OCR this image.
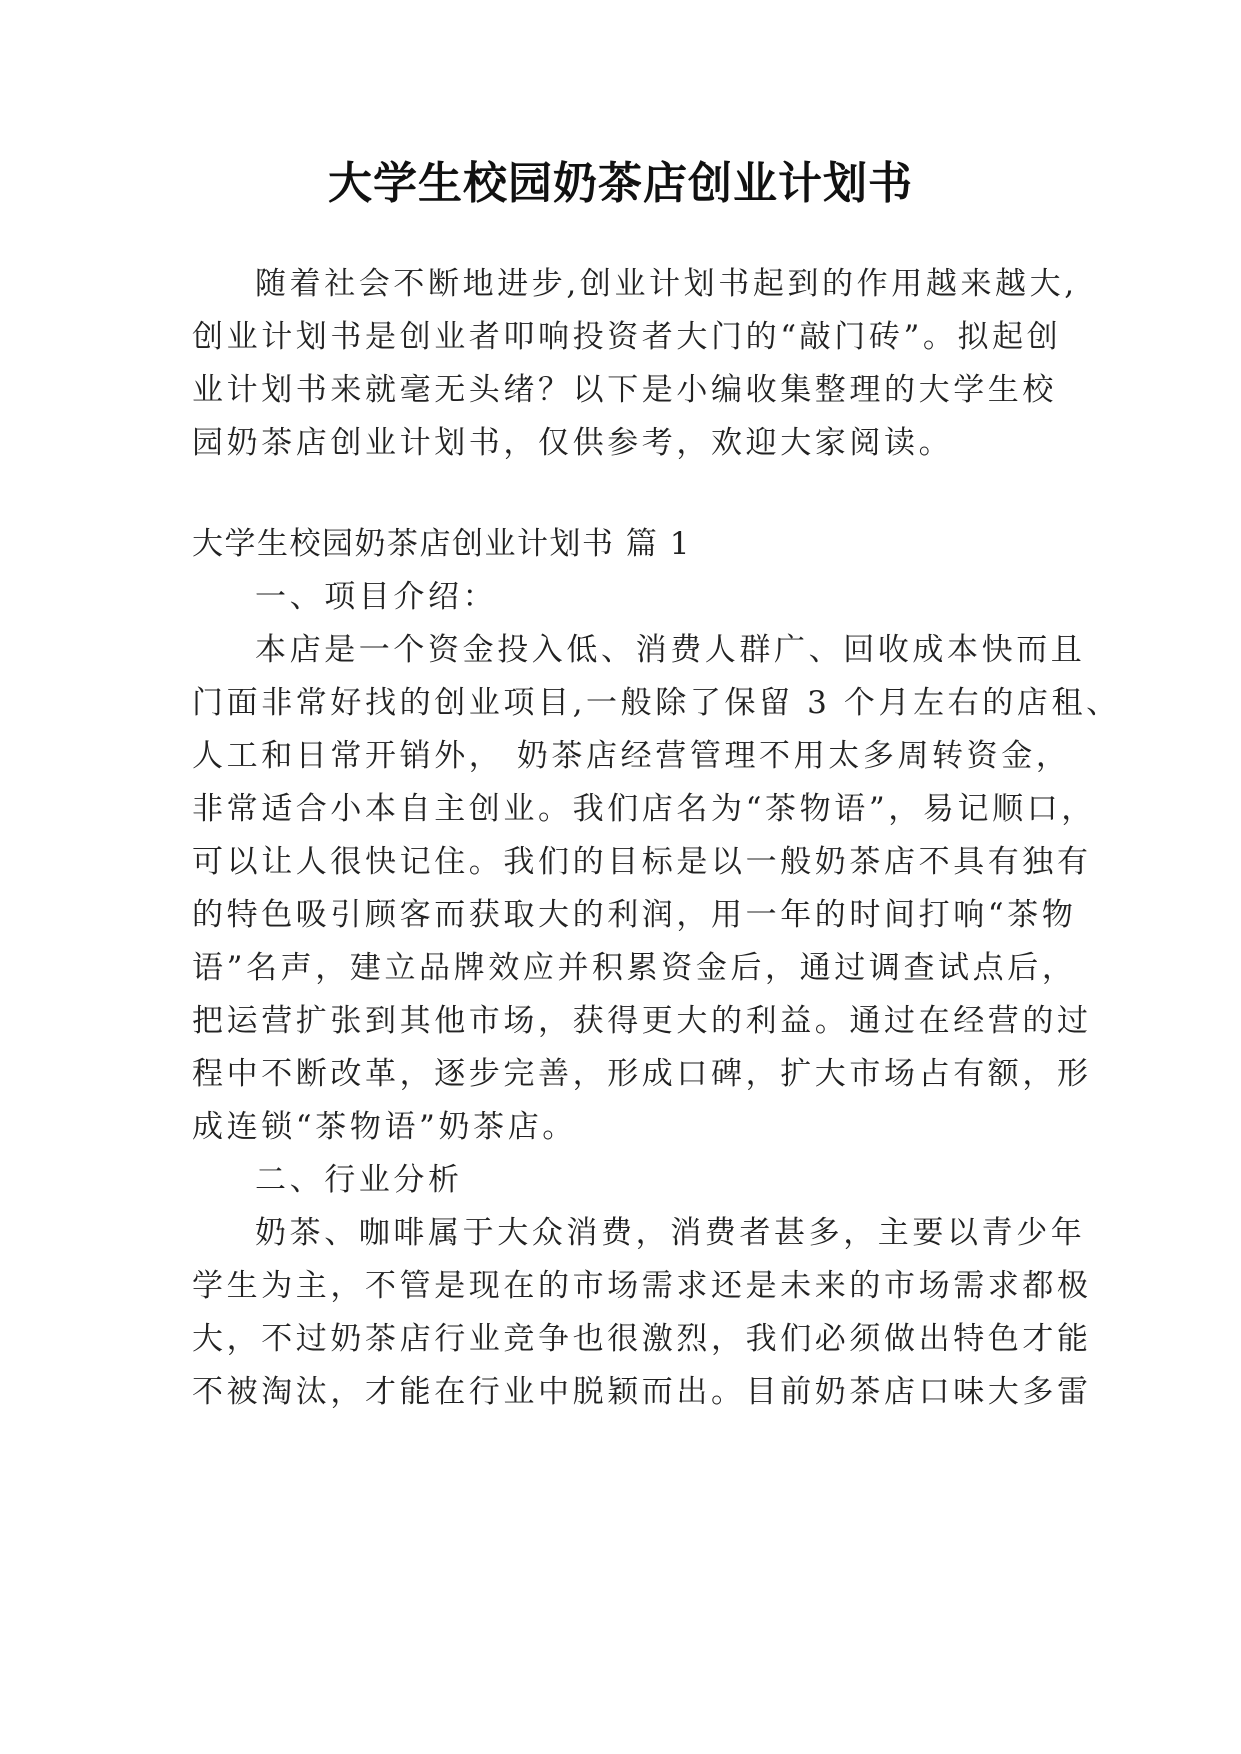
大学生校园奶茶店创业计划书
随着社会不断地进步,创业计划书起到的作用越来越大,
创业计划书是创业者叩响投资者大门的“敲门砖”。拟起创
业计划书来就毫无头绪？以下是小编收集整理的大学生校
园奶茶店创业计划书，仅供参考，欢迎大家阅读。
大学生校园奶茶店创业计划书 篇 1
一、项目介绍：
本店是一个资金投入低、消费人群广、回收成本快而且
门面非常好找的创业项目,一般除了保留 3 个月左右的店租、
人工和日常开销外， 奶茶店经营管理不用太多周转资金，
非常适合小本自主创业。我们店名为“茶物语”，易记顺口，
可以让人很快记住。我们的目标是以一般奶茶店不具有独有
的特色吸引顾客而获取大的利润，用一年的时间打响“茶物
语”名声，建立品牌效应并积累资金后，通过调查试点后，
把运营扩张到其他市场，获得更大的利益。通过在经营的过
程中不断改革，逐步完善，形成口碑，扩大市场占有额，形
成连锁“茶物语”奶茶店。
二、行业分析
奶茶、咖啡属于大众消费，消费者甚多，主要以青少年
学生为主，不管是现在的市场需求还是未来的市场需求都极
大，不过奶茶店行业竞争也很激烈，我们必须做出特色才能
不被淘汰，才能在行业中脱颖而出。目前奶茶店口味大多雷
